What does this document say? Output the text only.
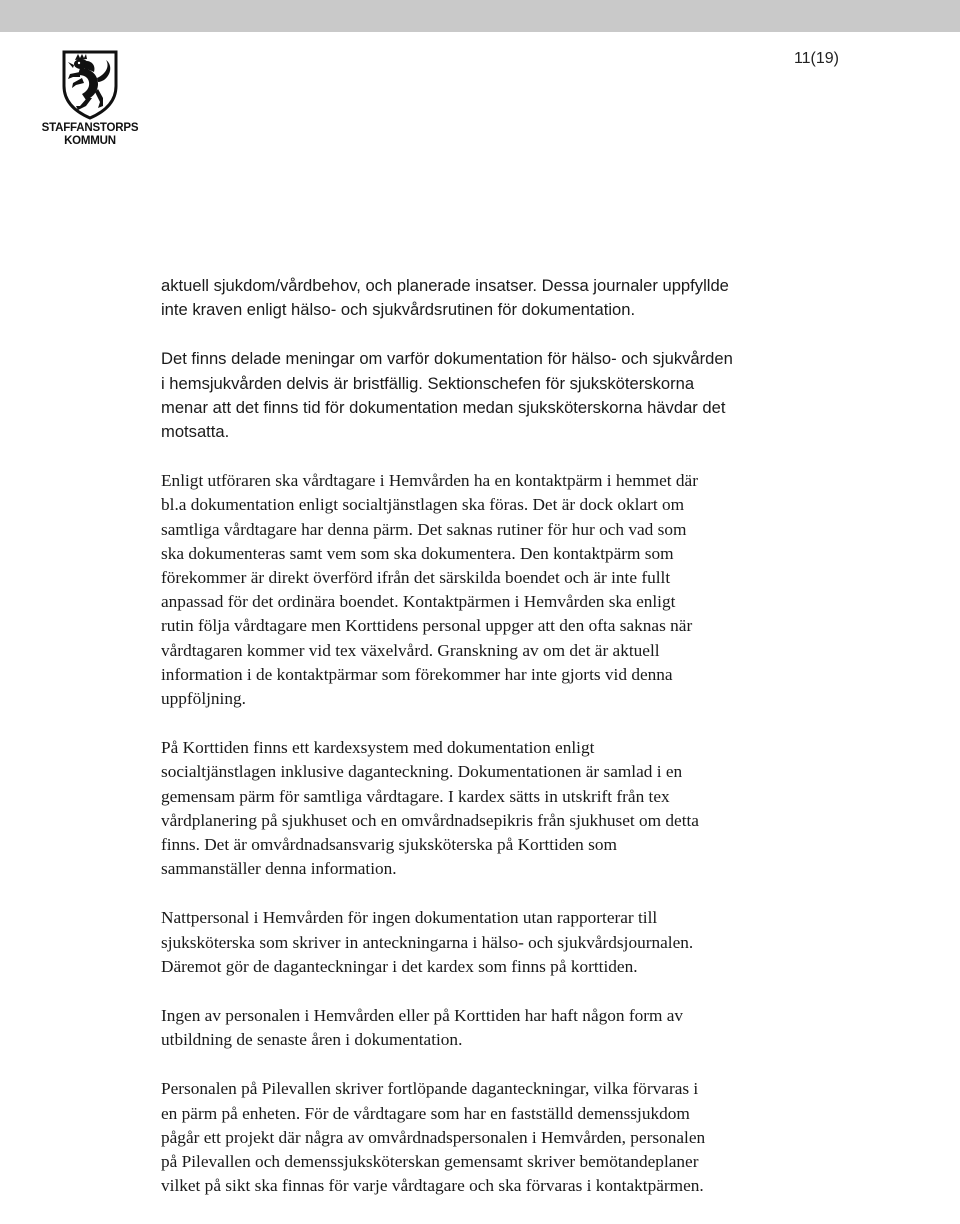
11(19)
STAFFANSTORPS
KOMMUN

aktuell sjukdom/vårdbehov, och planerade insatser. Dessa journaler uppfyllde
inte kraven enligt hälso- och sjukvårdsrutinen för dokumentation.

Det finns delade meningar om varför dokumentation för hälso- och sjukvården
i hemsjukvården delvis är bristfällig. Sektionschefen för sjuksköterskorna
menar att det finns tid för dokumentation medan sjuksköterskorna hävdar det
motsatta.

Enligt utföraren ska vårdtagare i Hemvården ha en kontaktpärm i hemmet där
bl.a dokumentation enligt socialtjänstlagen ska föras. Det är dock oklart om
samtliga vårdtagare har denna pärm. Det saknas rutiner för hur och vad som
ska dokumenteras samt vem som ska dokumentera. Den kontaktpärm som
förekommer är direkt överförd ifrån det särskilda boendet och är inte fullt
anpassad för det ordinära boendet. Kontaktpärmen i Hemvården ska enligt
rutin följa vårdtagare men Korttidens personal uppger att den ofta saknas när
vårdtagaren kommer vid tex växelvård. Granskning av om det är aktuell
information i de kontaktpärmar som förekommer har inte gjorts vid denna
uppföljning.

På Korttiden finns ett kardexsystem med dokumentation enligt
socialtjänstlagen inklusive daganteckning. Dokumentationen är samlad i en
gemensam pärm för samtliga vårdtagare. I kardex sätts in utskrift från tex
vårdplanering på sjukhuset och en omvårdnadsepikris från sjukhuset om detta
finns. Det är omvårdnadsansvarig sjuksköterska på Korttiden som
sammanställer denna information.

Nattpersonal i Hemvården för ingen dokumentation utan rapporterar till
sjuksköterska som skriver in anteckningarna i hälso- och sjukvårdsjournalen.
Däremot gör de daganteckningar i det kardex som finns på korttiden.

Ingen av personalen i Hemvården eller på Korttiden har haft någon form av
utbildning de senaste åren i dokumentation.

Personalen på Pilevallen skriver fortlöpande daganteckningar, vilka förvaras i
en pärm på enheten. För de vårdtagare som har en fastställd demenssjukdom
pågår ett projekt där några av omvårdnadspersonalen i Hemvården, personalen
på Pilevallen och demenssjuksköterskan gemensamt skriver bemötandeplaner
vilket på sikt ska finnas för varje vårdtagare och ska förvaras i kontaktpärmen.
